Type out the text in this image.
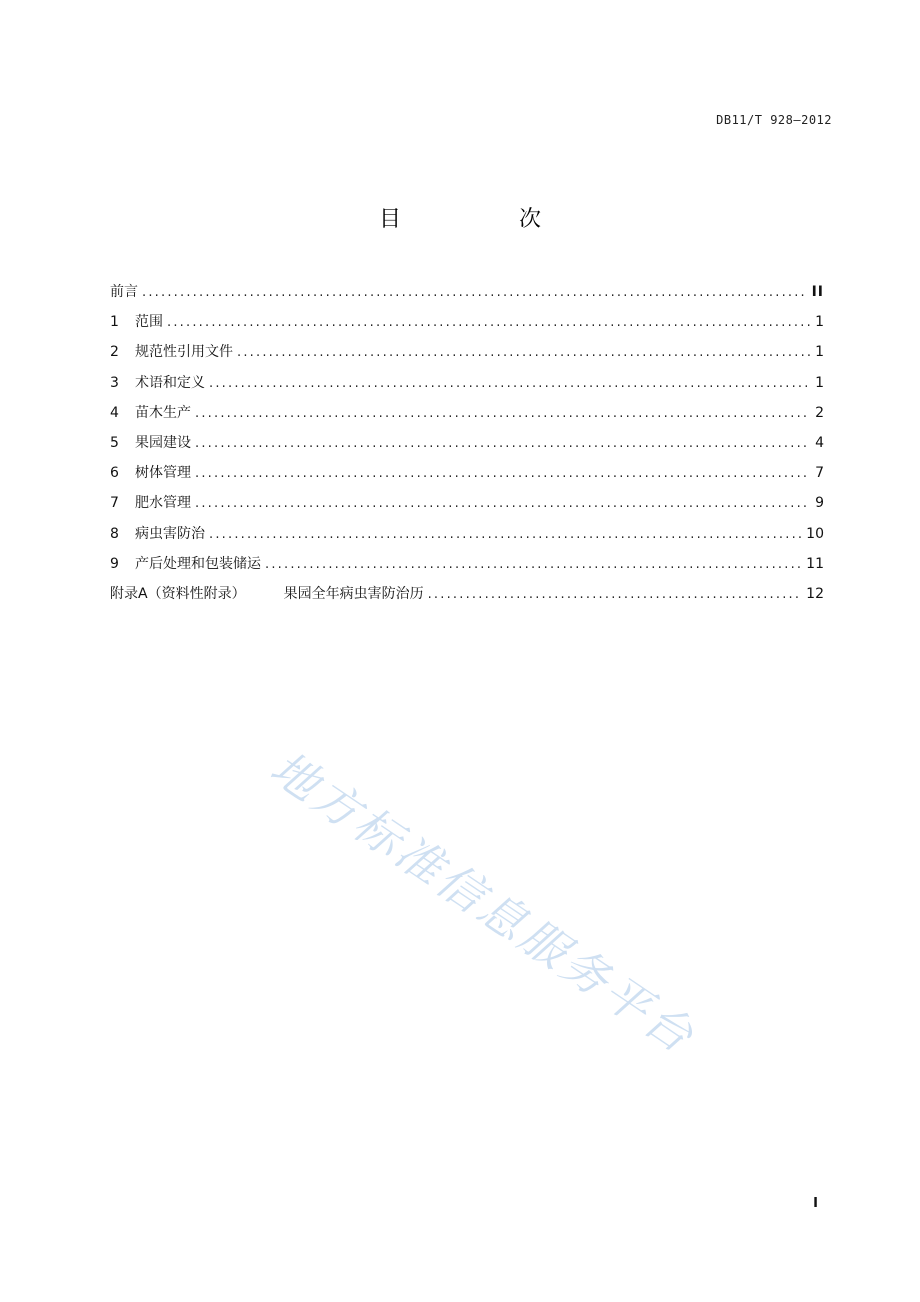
DB11/T 928—2012
目　次
前言 .....	II
1	范围 .....	1
2	规范性引用文件 .....	1
3	术语和定义 .....	1
4	苗木生产 .....	2
5	果园建设 .....	4
6	树体管理 .....	7
7	肥水管理 .....	9
8	病虫害防治 .....	10
9	产后处理和包装储运 .....	11
附录A（资料性附录）	果园全年病虫害防治历 .....	12
地方标准信息服务平台
I
